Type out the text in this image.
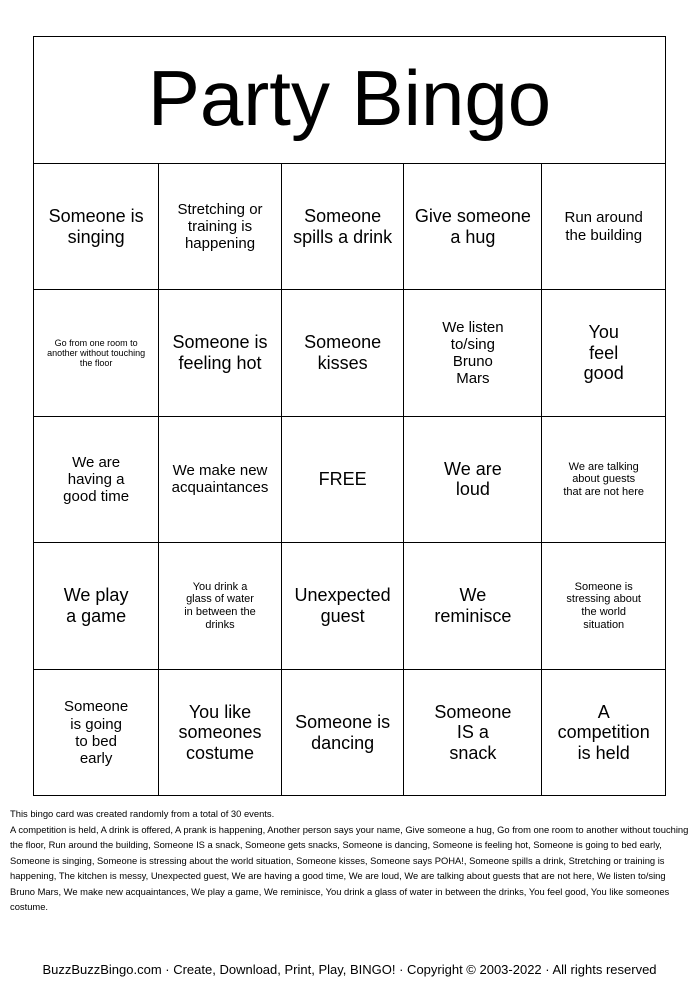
Party Bingo
Someone is singing
Stretching or training is happening
Someone spills a drink
Give someone a hug
Run around the building
Go from one room to another without touching the floor
Someone is feeling hot
Someone kisses
We listen to/sing Bruno Mars
You feel good
We are having a good time
We make new acquaintances	FREE
We are loud
We are talking about guests that are not here
We play a game
You drink a glass of water in between the drinks
Unexpected guest
We reminisce
Someone is stressing about the world situation
Someone is going to bed early
You like someones costume
Someone is dancing
Someone IS a snack
A competition is held
This bingo card was created randomly from a total of 30 events.
A competition is held, A drink is offered, A prank is happening, Another person says your name, Give someone a hug, Go from one room to another without touching the floor, Run around the building, Someone IS a snack, Someone gets snacks, Someone is dancing, Someone is feeling hot, Someone is going to bed early, Someone is singing, Someone is stressing about the world situation, Someone kisses, Someone says POHA!, Someone spills a drink, Stretching or training is happening, The kitchen is messy, Unexpected guest, We are having a good time, We are loud, We are talking about guests that are not here, We listen to/sing Bruno Mars, We make new acquaintances, We play a game, We reminisce, You drink a glass of water in between the drinks, You feel good, You like someones costume.
BuzzBuzzBingo.com · Create, Download, Print, Play, BINGO! · Copyright © 2003-2022 · All rights reserved
